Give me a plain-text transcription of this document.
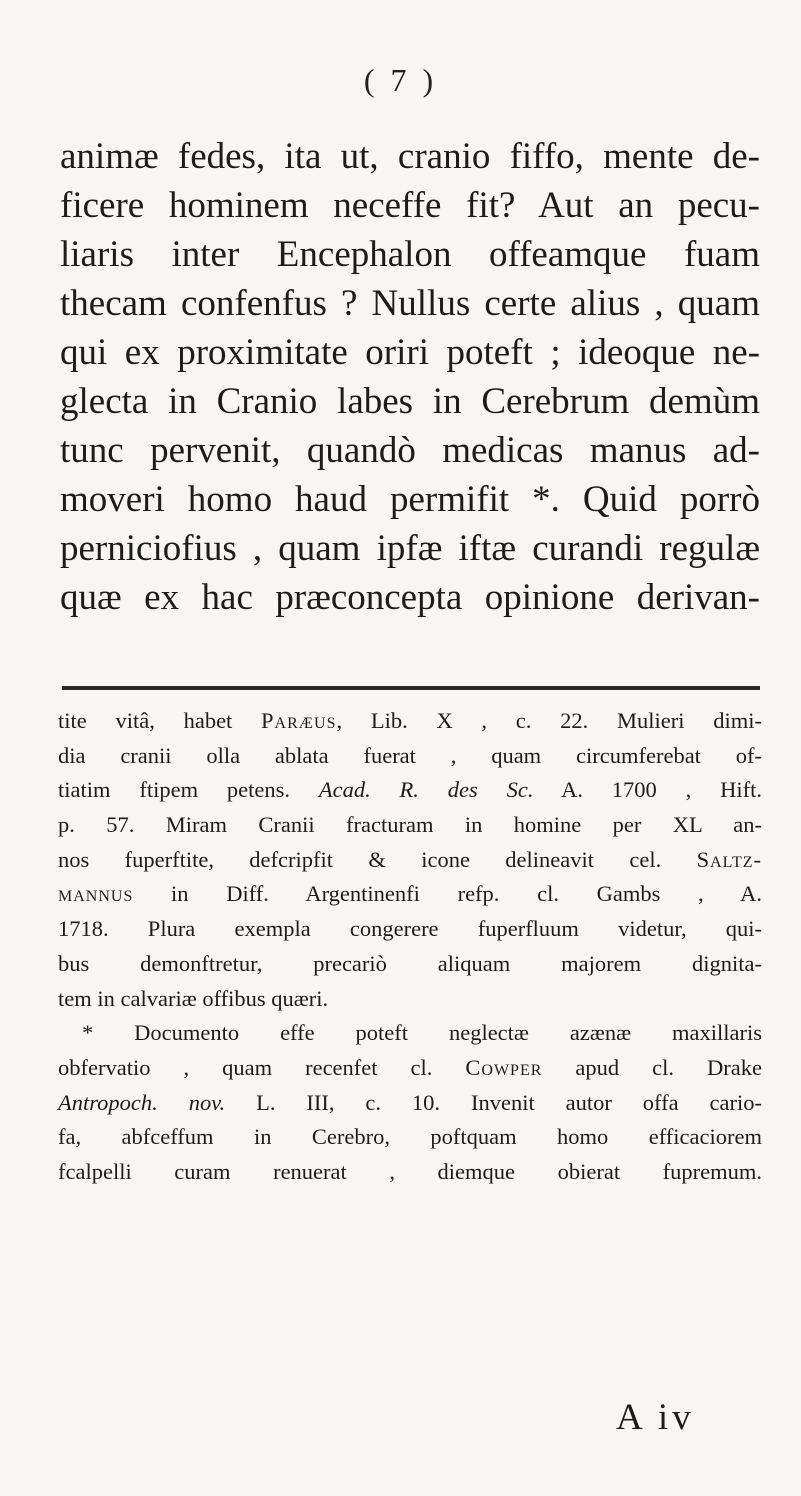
( 7 )
animæ fedes, ita ut, cranio fiffo, mente de-
ficere hominem neceffe fit? Aut an pecu-
liaris inter Encephalon offeamque fuam
thecam confenfus ? Nullus certe alius , quam
qui ex proximitate oriri poteft ; ideoque ne-
glecta in Cranio labes in Cerebrum demùm
tunc pervenit, quandò medicas manus ad-
moveri homo haud permifit *. Quid porrò
perniciofius , quam ipfæ iftæ curandi regulæ
quæ ex hac præconcepta opinione derivan-
tite vitâ, habet Paræus, Lib. X , c. 22. Mulieri dimi-
dia cranii olla ablata fuerat , quam circumferebat of-
tiatim ftipem petens. Acad. R. des Sc. A. 1700 , Hift.
p. 57. Miram Cranii fracturam in homine per XL an-
nos fuperftite, defcripfit & icone delineavit cel. Saltz-
mannus in Diff. Argentinenfi refp. cl. Gambs , A.
1718. Plura exempla congerere fuperfluum videtur, qui-
bus demonftretur, precariò aliquam majorem dignita-
tem in calvariæ offibus quæri.
* Documento effe poteft neglectæ azænæ maxillaris
obfervatio , quam recenfet cl. Cowper apud cl. Drake
Antropoch. nov. L. III, c. 10. Invenit autor offa cario-
fa, abfceffum in Cerebro, poftquam homo efficaciorem
fcalpelli curam renuerat , diemque obierat fupremum.
A iv
